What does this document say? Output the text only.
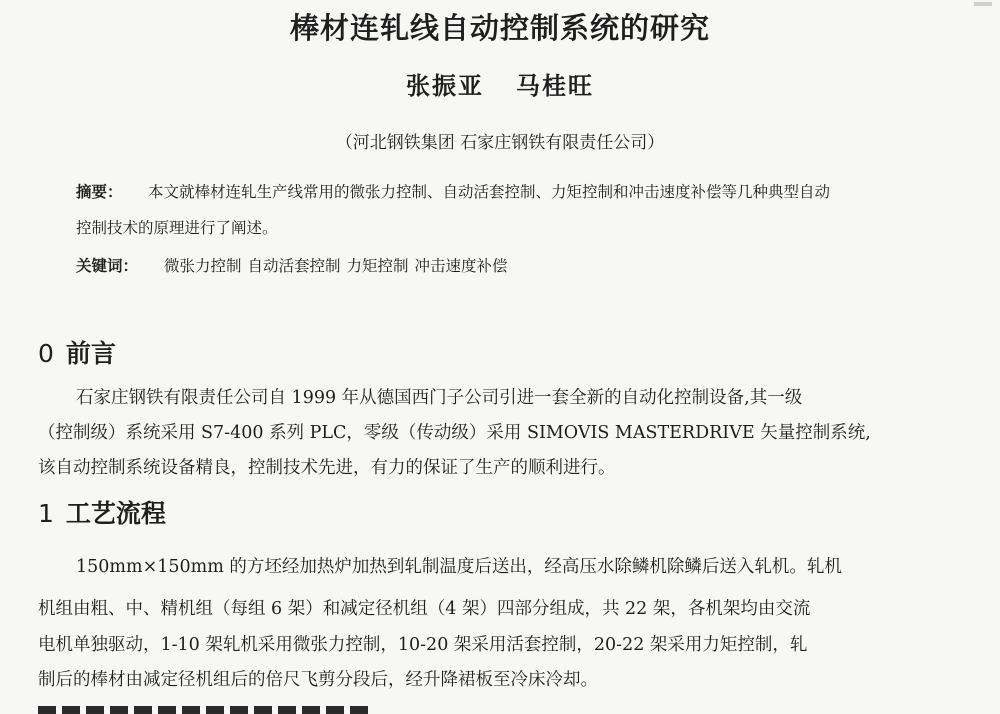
棒材连轧线自动控制系统的研究
张振亚 马桂旺
（河北钢铁集团 石家庄钢铁有限责任公司）
摘要： 本文就棒材连轧生产线常用的微张力控制、自动活套控制、力矩控制和冲击速度补偿等几种典型自动
控制技术的原理进行了阐述。
关键词： 微张力控制 自动活套控制 力矩控制 冲击速度补偿
0 前言
石家庄钢铁有限责任公司自 1999 年从德国西门子公司引进一套全新的自动化控制设备,其一级
（控制级）系统采用 S7-400 系列 PLC，零级（传动级）采用 SIMOVIS MASTERDRIVE 矢量控制系统,
该自动控制系统设备精良，控制技术先进，有力的保证了生产的顺利进行。
1 工艺流程
150mm×150mm 的方坯经加热炉加热到轧制温度后送出，经高压水除鳞机除鳞后送入轧机。轧机
机组由粗、中、精机组（每组 6 架）和减定径机组（4 架）四部分组成，共 22 架，各机架均由交流
电机单独驱动，1-10 架轧机采用微张力控制，10-20 架采用活套控制，20-22 架采用力矩控制，轧
制后的棒材由减定径机组后的倍尺飞剪分段后，经升降裙板至冷床冷却。
